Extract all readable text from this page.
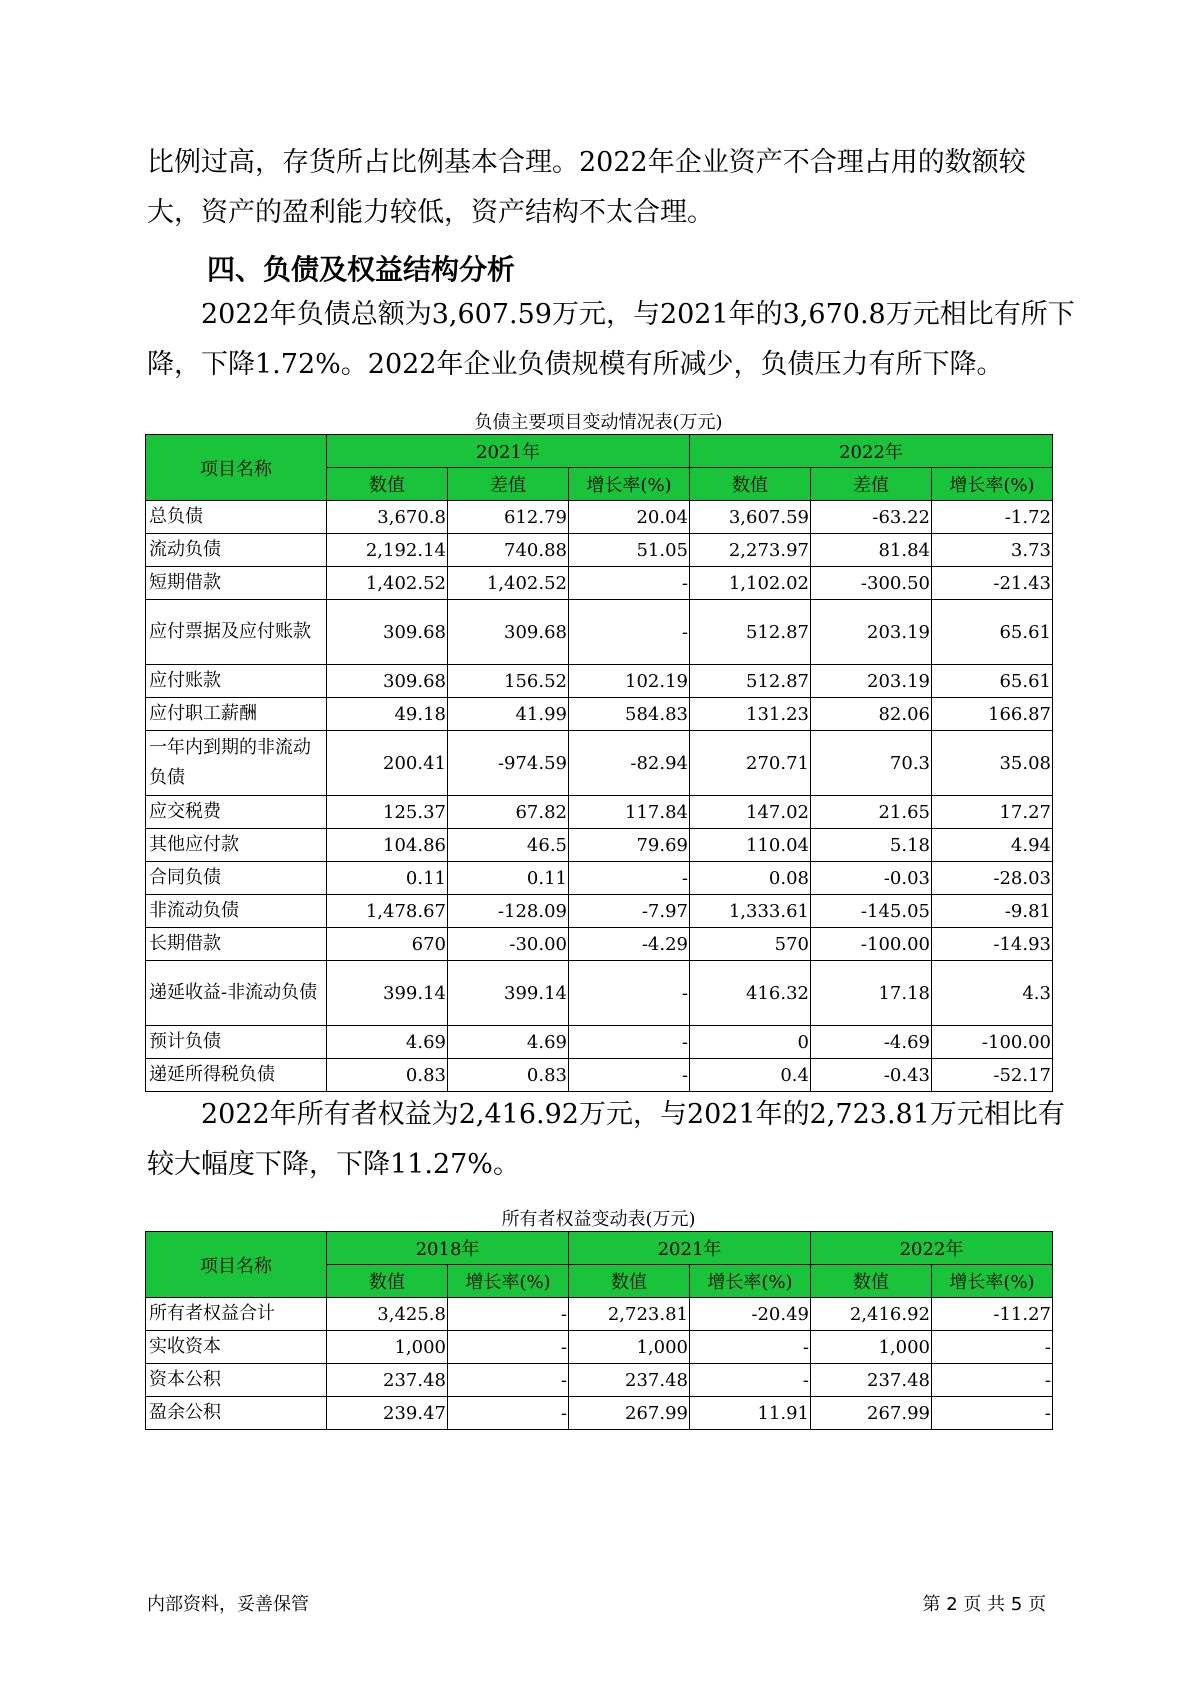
比例过高，存货所占比例基本合理。2022年企业资产不合理占用的数额较
大，资产的盈利能力较低，资产结构不太合理。
四、负债及权益结构分析
2022年负债总额为3,607.59万元，与2021年的3,670.8万元相比有所下
降，下降1.72%。2022年企业负债规模有所减少，负债压力有所下降。

负债主要项目变动情况表(万元)

项目名称	2021年			2022年		
	数值	差值	增长率(%)	数值	差值	增长率(%)
总负债	3,670.8	612.79	20.04	3,607.59	-63.22	-1.72
流动负债	2,192.14	740.88	51.05	2,273.97	81.84	3.73
短期借款	1,402.52	1,402.52	-	1,102.02	-300.50	-21.43
应付票据及应付账款	309.68	309.68	-	512.87	203.19	65.61
应付账款	309.68	156.52	102.19	512.87	203.19	65.61
应付职工薪酬	49.18	41.99	584.83	131.23	82.06	166.87
一年内到期的非流动负债	200.41	-974.59	-82.94	270.71	70.3	35.08
应交税费	125.37	67.82	117.84	147.02	21.65	17.27
其他应付款	104.86	46.5	79.69	110.04	5.18	4.94
合同负债	0.11	0.11	-	0.08	-0.03	-28.03
非流动负债	1,478.67	-128.09	-7.97	1,333.61	-145.05	-9.81
长期借款	670	-30.00	-4.29	570	-100.00	-14.93
递延收益-非流动负债	399.14	399.14	-	416.32	17.18	4.3
预计负债	4.69	4.69	-	0	-4.69	-100.00
递延所得税负债	0.83	0.83	-	0.4	-0.43	-52.17
2022年所有者权益为2,416.92万元，与2021年的2,723.81万元相比有
较大幅度下降，下降11.27%。

所有者权益变动表(万元)

项目名称	2018年		2021年		2022年	
	数值	增长率(%)	数值	增长率(%)	数值	增长率(%)
所有者权益合计	3,425.8	-	2,723.81	-20.49	2,416.92	-11.27
实收资本	1,000	-	1,000	-	1,000	-
资本公积	237.48	-	237.48	-	237.48	-
盈余公积	239.47	-	267.99	11.91	267.99	-

内部资料，妥善保管	第 2 页 共 5 页
